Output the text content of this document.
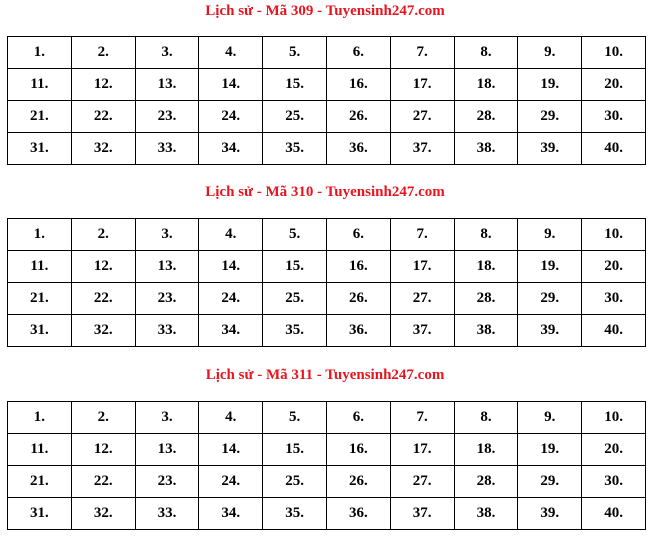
Lịch sử - Mã 309 - Tuyensinh247.com
1.	2.	3.	4.	5.	6.	7.	8.	9.	10.
11.	12.	13.	14.	15.	16.	17.	18.	19.	20.
21.	22.	23.	24.	25.	26.	27.	28.	29.	30.
31.	32.	33.	34.	35.	36.	37.	38.	39.	40.
Lịch sử - Mã 310 - Tuyensinh247.com
1.	2.	3.	4.	5.	6.	7.	8.	9.	10.
11.	12.	13.	14.	15.	16.	17.	18.	19.	20.
21.	22.	23.	24.	25.	26.	27.	28.	29.	30.
31.	32.	33.	34.	35.	36.	37.	38.	39.	40.
Lịch sử - Mã 311 - Tuyensinh247.com
1.	2.	3.	4.	5.	6.	7.	8.	9.	10.
11.	12.	13.	14.	15.	16.	17.	18.	19.	20.
21.	22.	23.	24.	25.	26.	27.	28.	29.	30.
31.	32.	33.	34.	35.	36.	37.	38.	39.	40.
